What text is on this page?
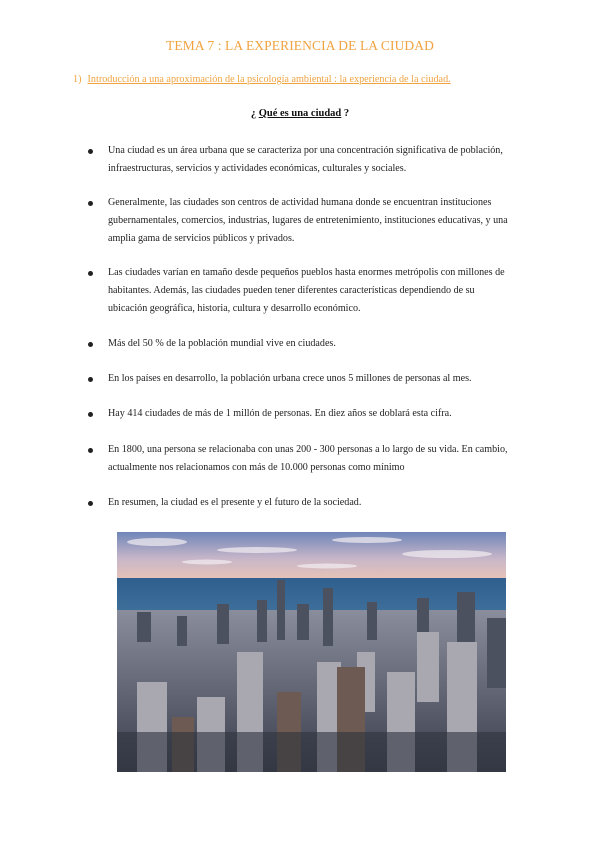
TEMA 7 : LA EXPERIENCIA DE LA CIUDAD
1) Introducción a una aproximación de la psicología ambiental : la experiencia de la ciudad.
¿ Qué es una ciudad ?
Una ciudad es un área urbana que se caracteriza por una concentración significativa de población, infraestructuras, servicios y actividades económicas, culturales y sociales.
Generalmente, las ciudades son centros de actividad humana donde se encuentran instituciones gubernamentales, comercios, industrias, lugares de entretenimiento, instituciones educativas, y una amplia gama de servicios públicos y privados.
Las ciudades varían en tamaño desde pequeños pueblos hasta enormes metrópolis con millones de habitantes. Además, las ciudades pueden tener diferentes características dependiendo de su ubicación geográfica, historia, cultura y desarrollo económico.
Más del 50 % de la población mundial vive en ciudades.
En los países en desarrollo, la población urbana crece unos 5 millones de personas al mes.
Hay 414 ciudades de más de 1 millón de personas. En diez años se doblará esta cifra.
En 1800, una persona se relacionaba con unas 200 - 300 personas a lo largo de su vida. En cambio, actualmente nos relacionamos con más de 10.000 personas como mínimo
En resumen, la ciudad es el presente y el futuro de la sociedad.
